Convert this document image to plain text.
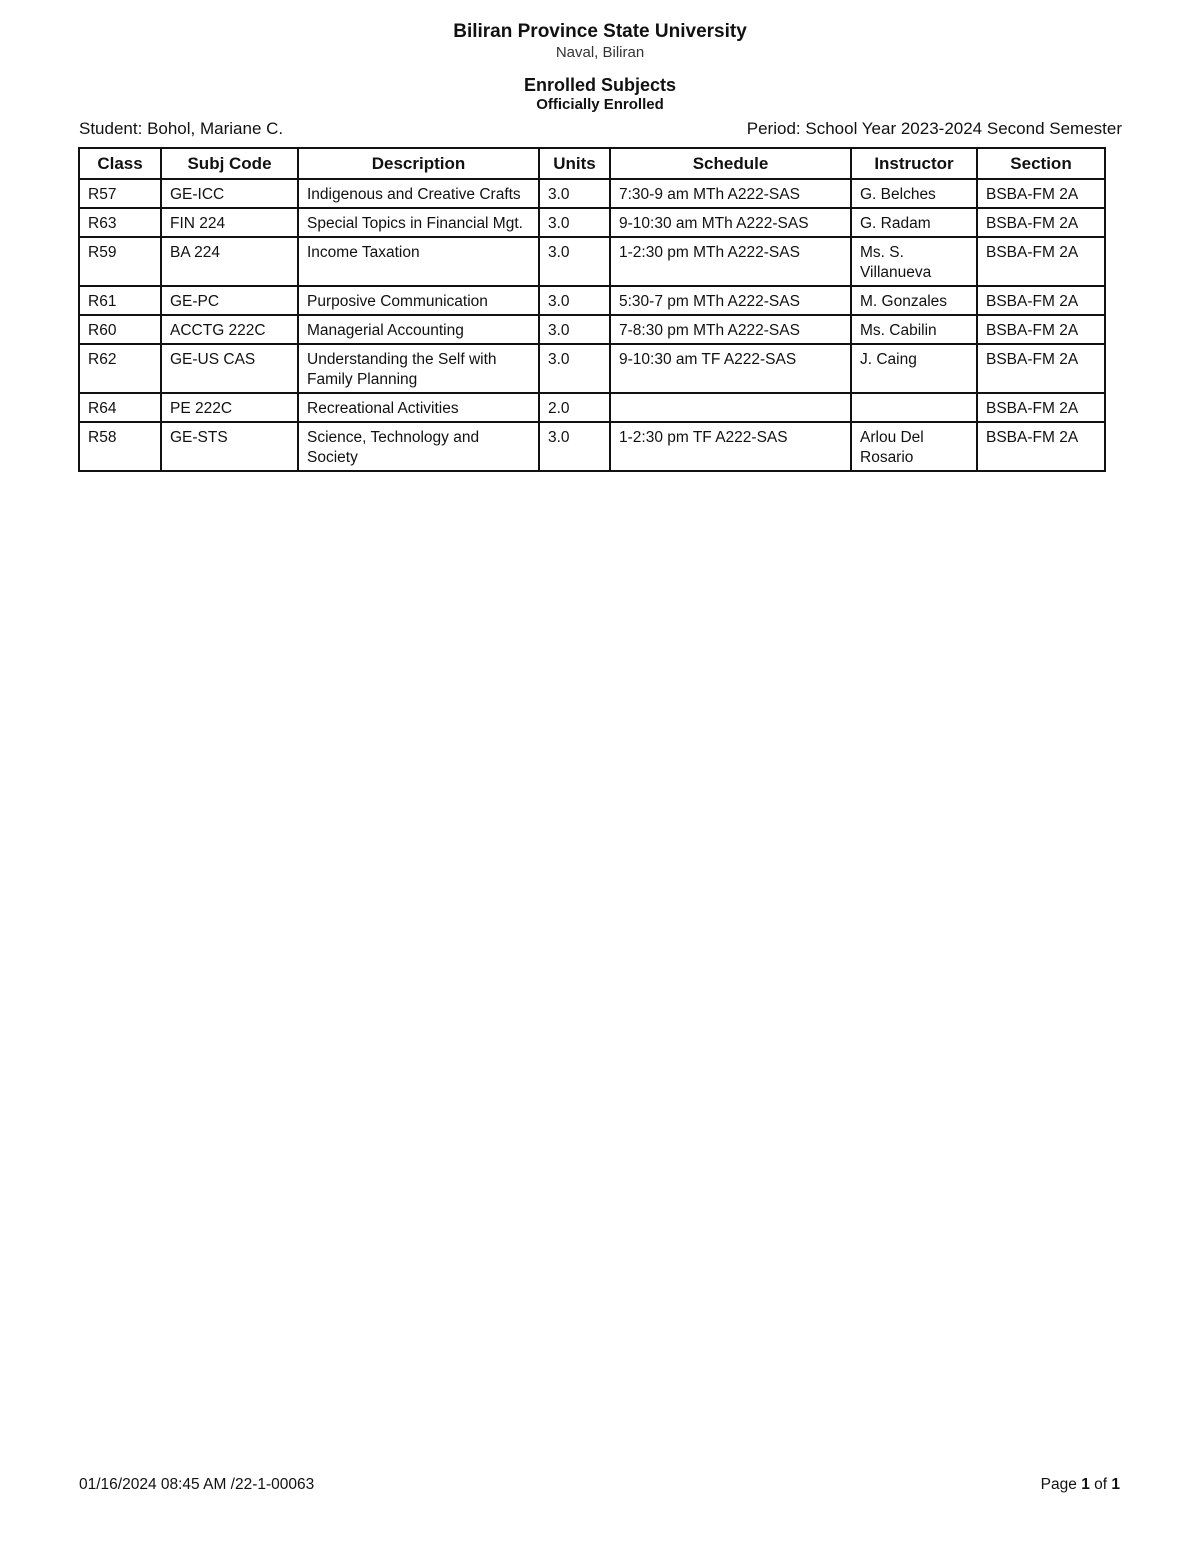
Biliran Province State University
Naval, Biliran
Enrolled Subjects
Officially Enrolled
Student: Bohol, Mariane C.	Period: School Year 2023-2024 Second Semester
Class	Subj Code	Description	Units	Schedule	Instructor	Section
R57	GE-ICC	Indigenous and Creative Crafts	3.0	7:30-9 am MTh A222-SAS	G. Belches	BSBA-FM 2A
R63	FIN 224	Special Topics in Financial Mgt.	3.0	9-10:30 am MTh A222-SAS	G. Radam	BSBA-FM 2A
R59	BA 224	Income Taxation	3.0	1-2:30 pm MTh A222-SAS	Ms. S. Villanueva	BSBA-FM 2A
R61	GE-PC	Purposive Communication	3.0	5:30-7 pm MTh A222-SAS	M. Gonzales	BSBA-FM 2A
R60	ACCTG 222C	Managerial Accounting	3.0	7-8:30 pm MTh A222-SAS	Ms. Cabilin	BSBA-FM 2A
R62	GE-US CAS	Understanding the Self with Family Planning	3.0	9-10:30 am TF A222-SAS	J. Caing	BSBA-FM 2A
R64	PE 222C	Recreational Activities	2.0			BSBA-FM 2A
R58	GE-STS	Science, Technology and Society	3.0	1-2:30 pm TF A222-SAS	Arlou Del Rosario	BSBA-FM 2A
01/16/2024 08:45 AM /22-1-00063	Page 1 of 1
